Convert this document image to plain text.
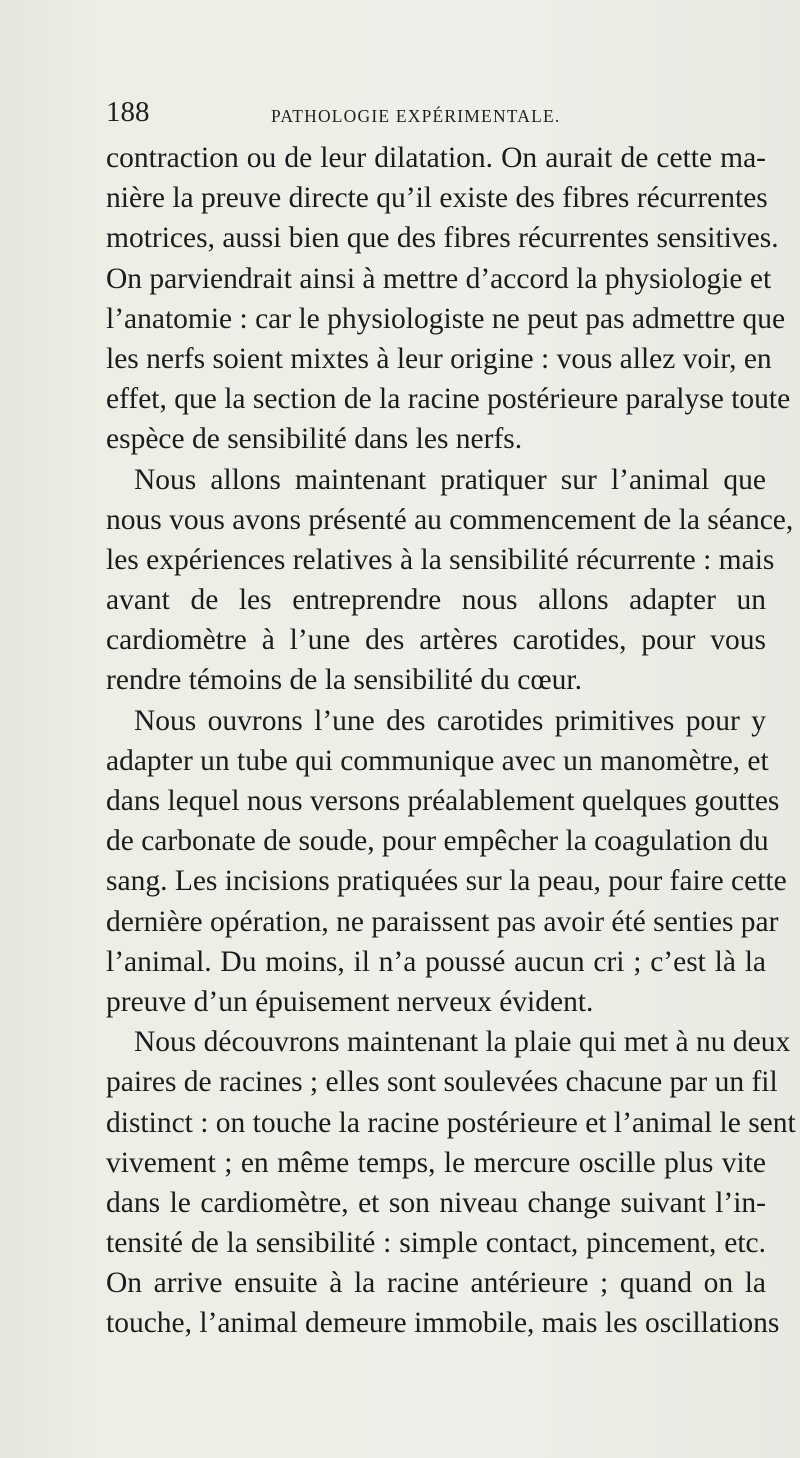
188	PATHOLOGIE EXPÉRIMENTALE.
contraction ou de leur dilatation. On aurait de cette ma-
nière la preuve directe qu’il existe des fibres récurrentes
motrices, aussi bien que des fibres récurrentes sensitives.
On parviendrait ainsi à mettre d’accord la physiologie et
l’anatomie : car le physiologiste ne peut pas admettre que
les nerfs soient mixtes à leur origine : vous allez voir, en
effet, que la section de la racine postérieure paralyse toute
espèce de sensibilité dans les nerfs.
Nous allons maintenant pratiquer sur l’animal que
nous vous avons présenté au commencement de la séance,
les expériences relatives à la sensibilité récurrente : mais
avant de les entreprendre nous allons adapter un
cardiomètre à l’une des artères carotides, pour vous
rendre témoins de la sensibilité du cœur.
Nous ouvrons l’une des carotides primitives pour y
adapter un tube qui communique avec un manomètre, et
dans lequel nous versons préalablement quelques gouttes
de carbonate de soude, pour empêcher la coagulation du
sang. Les incisions pratiquées sur la peau, pour faire cette
dernière opération, ne paraissent pas avoir été senties par
l’animal. Du moins, il n’a poussé aucun cri ; c’est là la
preuve d’un épuisement nerveux évident.
Nous découvrons maintenant la plaie qui met à nu deux
paires de racines ; elles sont soulevées chacune par un fil
distinct : on touche la racine postérieure et l’animal le sent
vivement ; en même temps, le mercure oscille plus vite
dans le cardiomètre, et son niveau change suivant l’in-
tensité de la sensibilité : simple contact, pincement, etc.
On arrive ensuite à la racine antérieure ; quand on la
touche, l’animal demeure immobile, mais les oscillations
